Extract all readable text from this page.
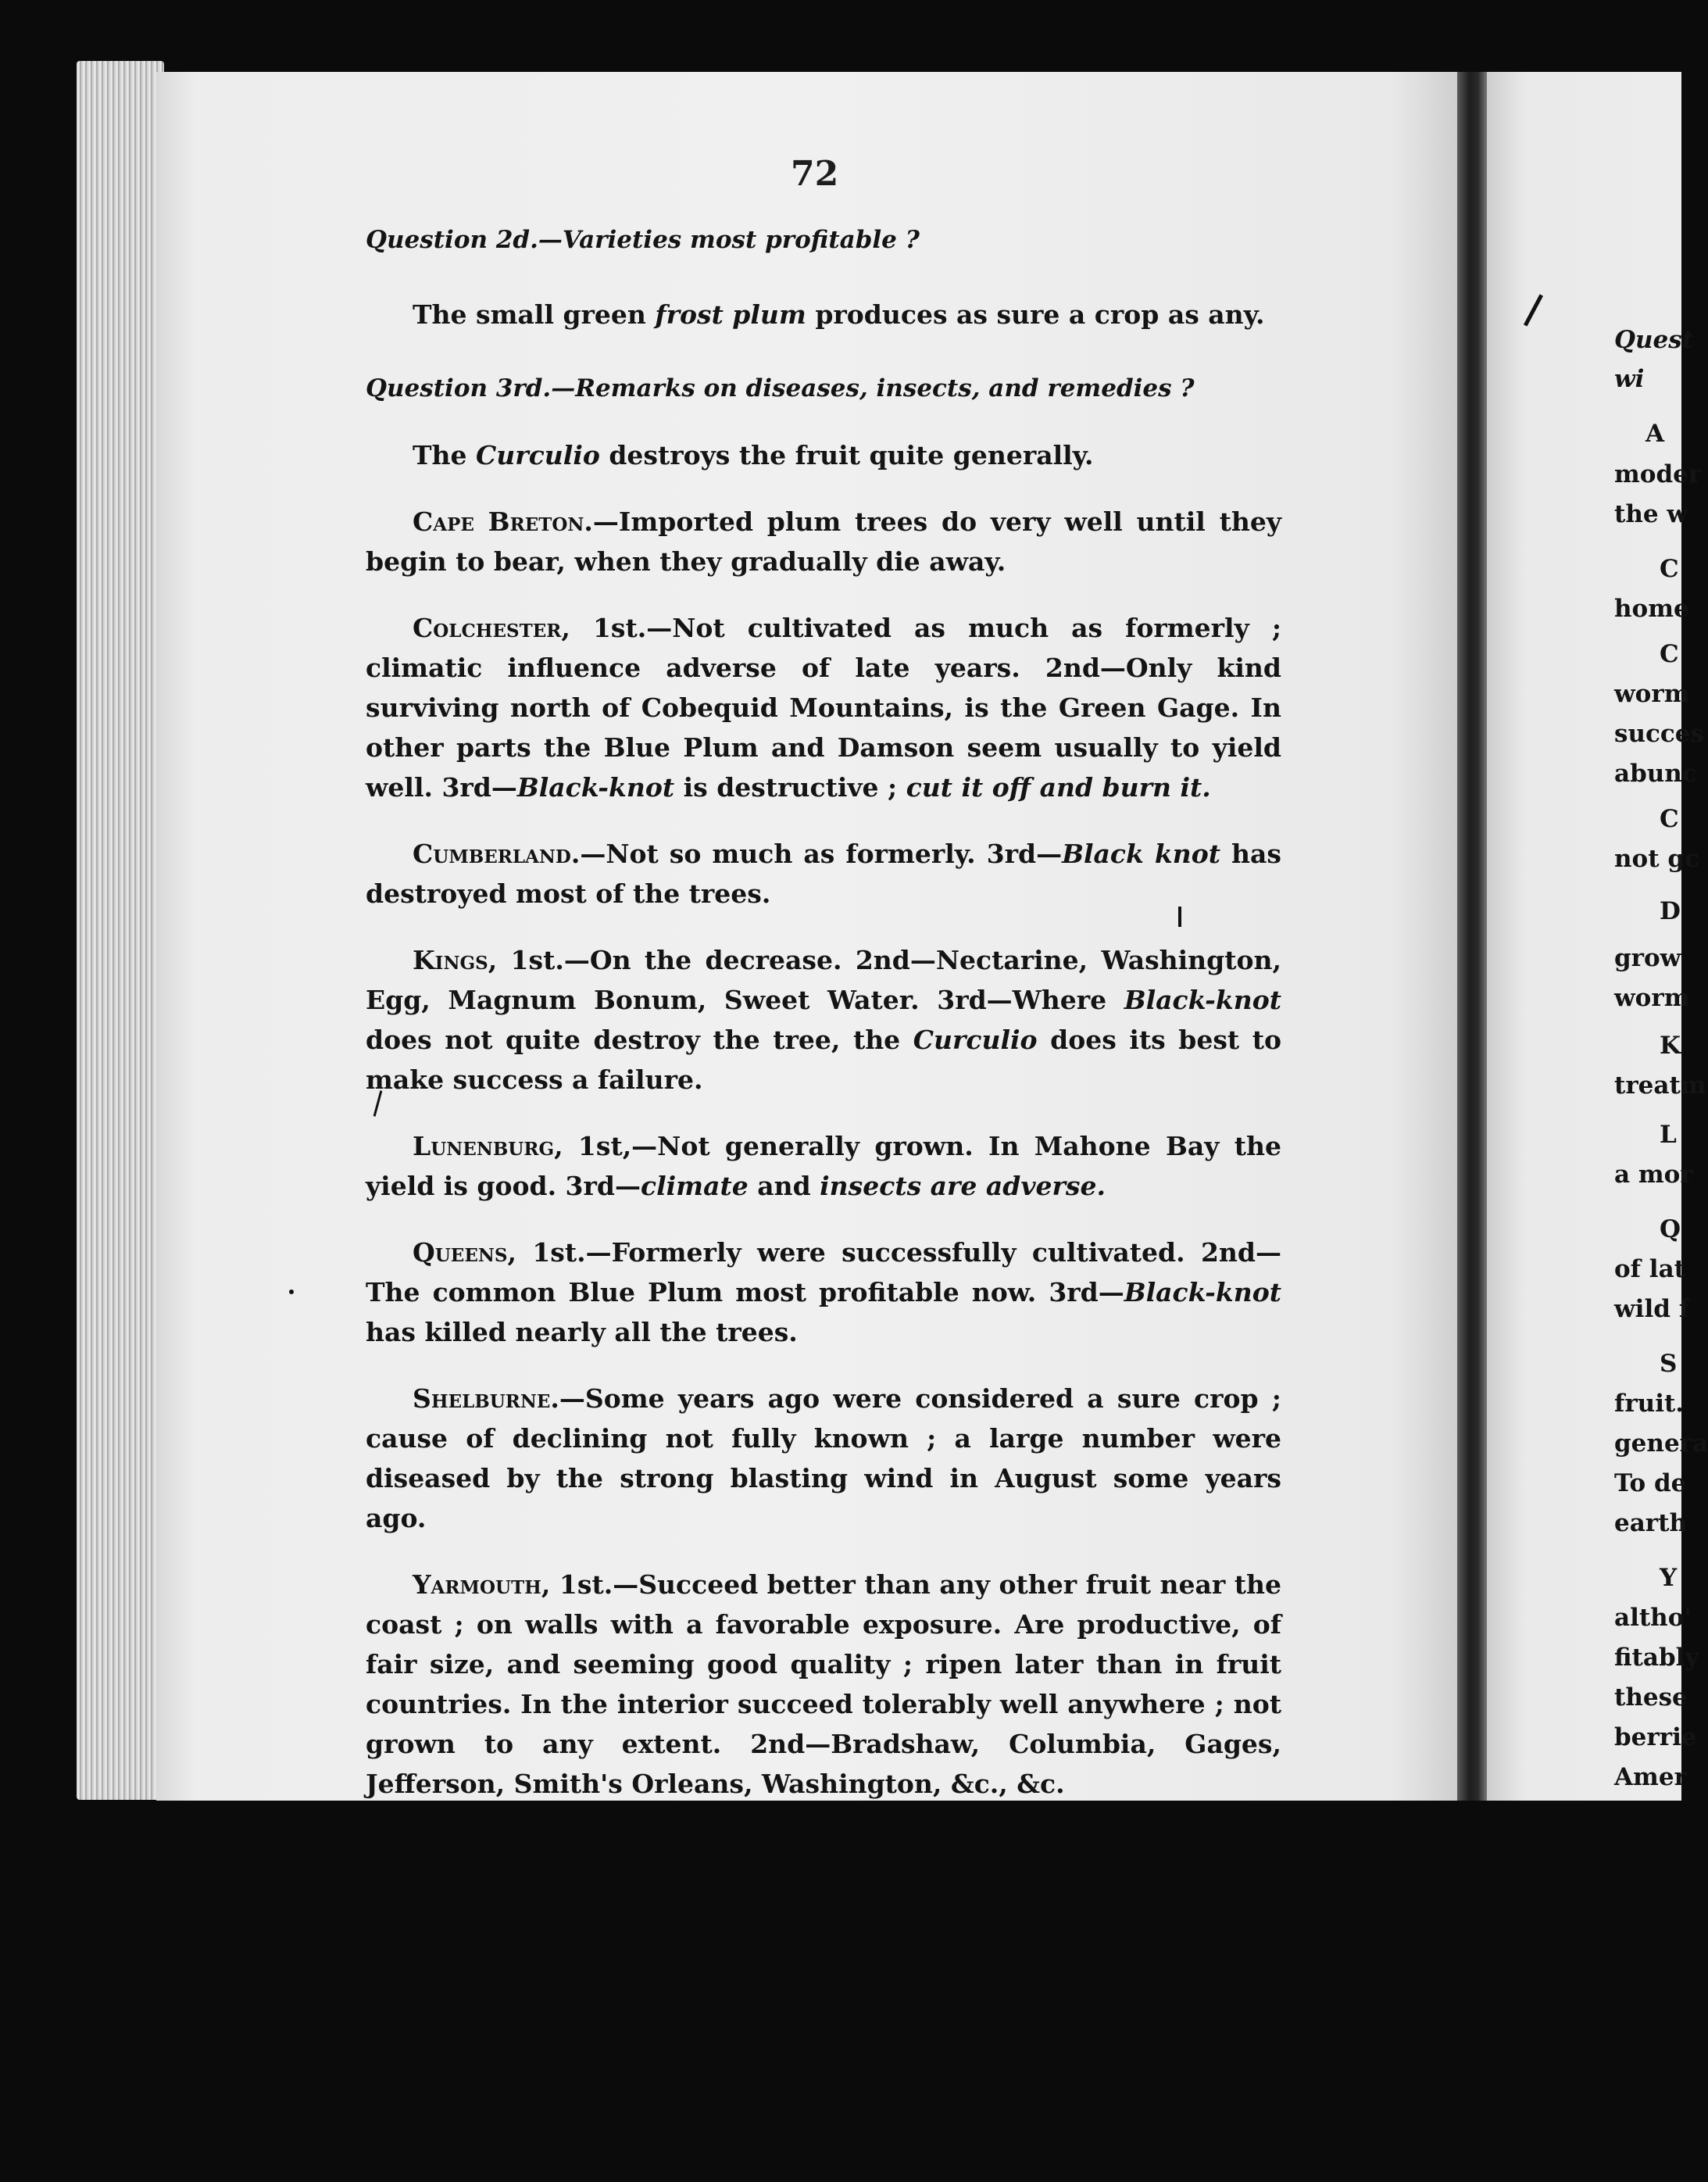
72

Question 2d.—Varieties most profitable ?

The small green frost plum produces as sure a crop as any.

Question 3rd.—Remarks on diseases, insects, and remedies ?

The Curculio destroys the fruit quite generally.

Cape Breton.—Imported plum trees do very well until they begin to bear, when they gradually die away.

Colchester, 1st.—Not cultivated as much as formerly ; climatic influence adverse of late years. 2nd—Only kind surviving north of Cobequid Mountains, is the Green Gage. In other parts the Blue Plum and Damson seem usually to yield well. 3rd—Black-knot is destructive ; cut it off and burn it.

Cumberland.—Not so much as formerly. 3rd—Black knot has destroyed most of the trees.

Kings, 1st.—On the decrease. 2nd—Nectarine, Washington, Egg, Magnum Bonum, Sweet Water. 3rd—Where Black-knot does not quite destroy the tree, the Curculio does its best to make success a failure.

Lunenburg, 1st,—Not generally grown. In Mahone Bay the yield is good. 3rd—climate and insects are adverse.

Queens, 1st.—Formerly were successfully cultivated. 2nd—The common Blue Plum most profitable now. 3rd—Black-knot has killed nearly all the trees.

Shelburne.—Some years ago were considered a sure crop ; cause of declining not fully known ; a large number were diseased by the strong blasting wind in August some years ago.

Yarmouth, 1st.—Succeed better than any other fruit near the coast ; on walls with a favorable exposure. Are productive, of fair size, and seeming good quality ; ripen later than in fruit countries. In the interior succeed tolerably well anywhere ; not grown to any extent. 2nd—Bradshaw, Columbia, Gages, Jefferson, Smith's Orleans, Washington, &c., &c.

Quest
wi
A
moder
the w
C
home
C
worm
succes
abunc
C
not gc
D
grow
worm
K
treatm
L
a mor
Q
of lat
wild f
S
fruit.
genera
To de
earth
Y
altho'
fitably
these
berrie
Amer
